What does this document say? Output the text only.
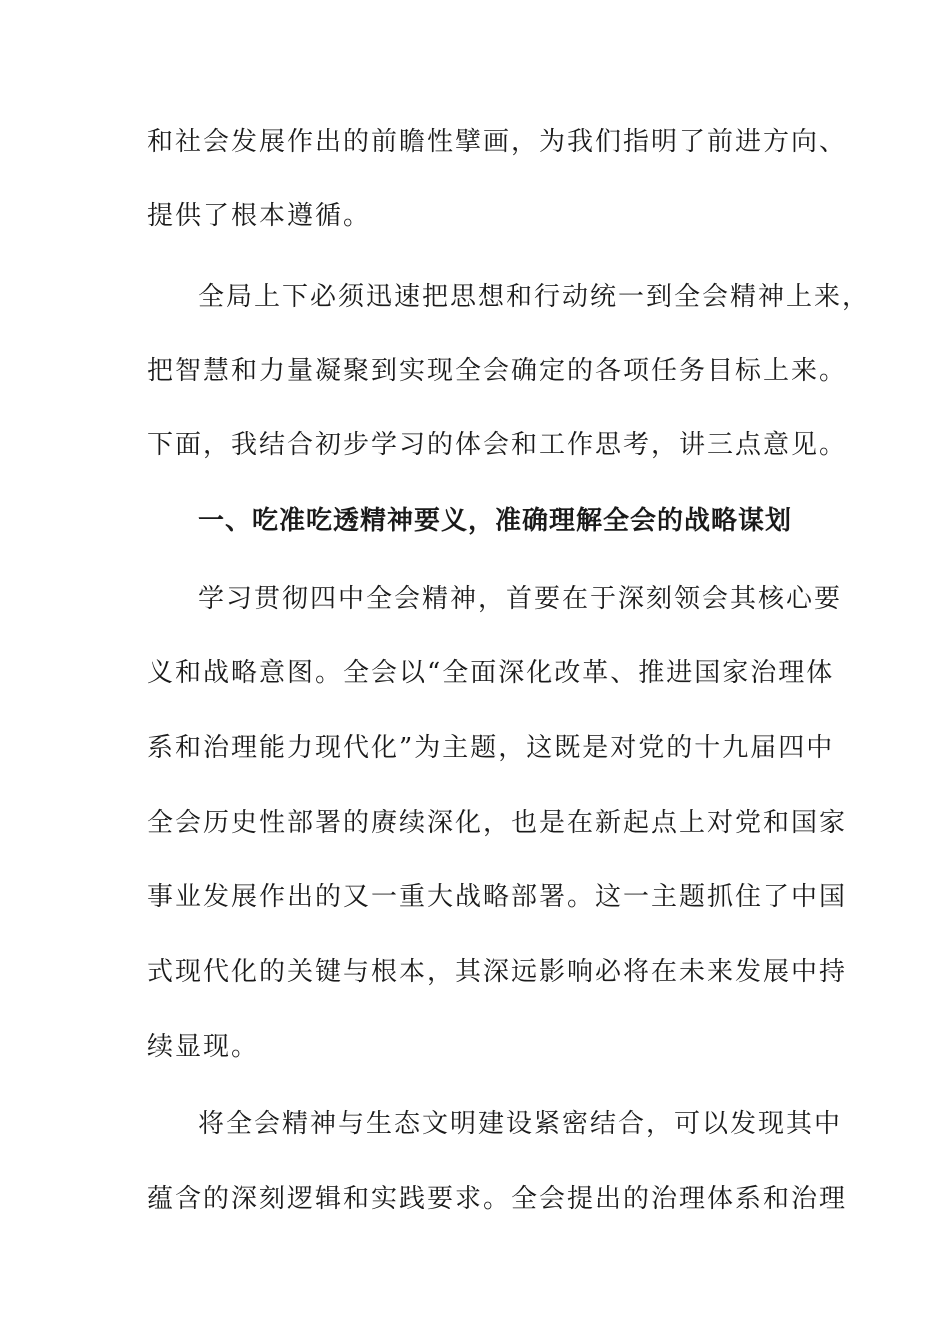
和社会发展作出的前瞻性擘画，为我们指明了前进方向、
提供了根本遵循。
全局上下必须迅速把思想和行动统一到全会精神上来，
把智慧和力量凝聚到实现全会确定的各项任务目标上来。
下面，我结合初步学习的体会和工作思考，讲三点意见。
一、吃准吃透精神要义，准确理解全会的战略谋划
学习贯彻四中全会精神，首要在于深刻领会其核心要
义和战略意图。全会以“全面深化改革、推进国家治理体
系和治理能力现代化”为主题，这既是对党的十九届四中
全会历史性部署的赓续深化，也是在新起点上对党和国家
事业发展作出的又一重大战略部署。这一主题抓住了中国
式现代化的关键与根本，其深远影响必将在未来发展中持
续显现。
将全会精神与生态文明建设紧密结合，可以发现其中
蕴含的深刻逻辑和实践要求。全会提出的治理体系和治理
